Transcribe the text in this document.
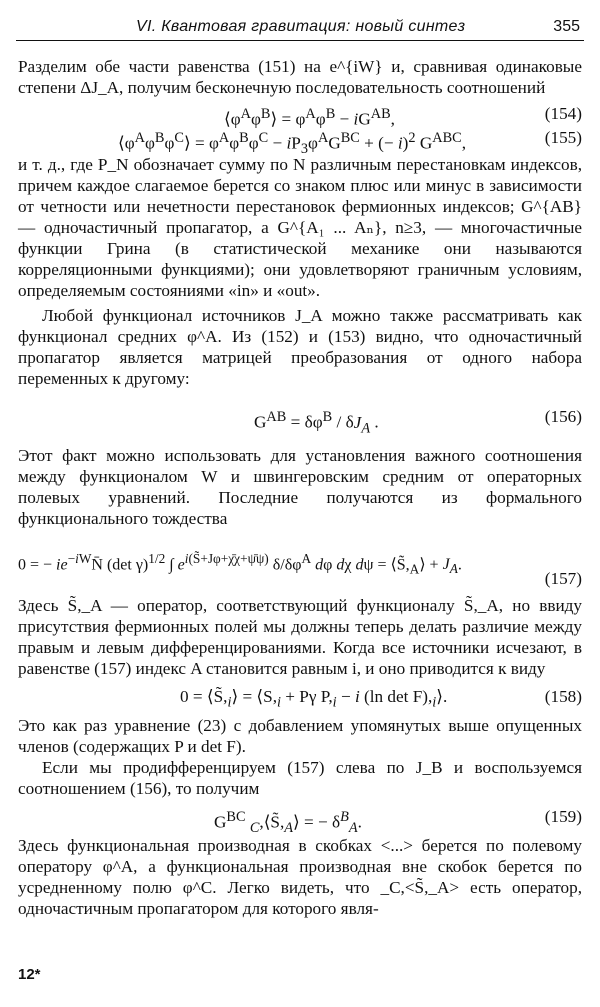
VI. Квантовая гравитация: новый синтез	355

Разделим обе части равенства (151) на e^{iW} и, сравнивая одинаковые степени ΔJ_A, получим бесконечную последовательность соотношений

$⟨\varphi^A\varphi^B⟩ = \varphi^A\varphi^B - iG^{AB}$,	(154)
$⟨\varphi^A\varphi^B\varphi^C⟩ = \varphi^A\varphi^B\varphi^C - iP_3\varphi^AG^{BC}$ + (− i)$^2$ $G^{ABC}$,	(155)

и т. д., где P_N обозначает сумму по N различным перестановкам индексов, причем каждое слагаемое берется со знаком плюс или минус в зависимости от четности или нечетности перестановок фермионных индексов; G^{AB} — одночастичный пропагатор, а G^{A₁ ... Aₙ}, n≥3, — многочастичные функции Грина (в статистической механике они называются корреляционными функциями); они удовлетворяют граничным условиям, определяемым состояниями «in» и «out».

Любой функционал источников J_A можно также рассматривать как функционал средних φ^A. Из (152) и (153) видно, что одночастичный пропагатор является матрицей преобразования от одного набора переменных к другому:

$G^{AB} = \delta\varphi^B / \delta J_A$ .	(156)

Этот факт можно использовать для установления важного соотношения между функционалом W и швингеровским средним от операторных полевых уравнений. Последние получаются из формального функционального тождества

0 = − $ie^{-iW}N̄$ (det γ)$^{1/2}$ ∫ $e^{i(S̃+J\varphi+\chī\chi+\psī\psi)}$ $\delta/\delta\varphi^A$ dφ dχ $d\psi = ⟨S̃,_A⟩ + J_A$.
(157)

Здесь S̃,_A — оператор, соответствующий функционалу S̃,_A, но ввиду присутствия фермионных полей мы должны теперь делать различие между правым и левым дифференцированиями. Когда все источники исчезают, в равенстве (157) индекс A становится равным i, и оно приводится к виду

$0 = ⟨S̃,_i⟩$ = $⟨S,_i + P\gamma$ $P,_i - i$ (ln $\det F),_i⟩$.	(158)

Это как раз уравнение (23) с добавлением упомянутых выше опущенных членов (содержащих P и det F).

Если мы продифференцируем (157) слева по J_B и воспользуемся соотношением (156), то получим

$G^{BC}$ $_C,⟨S̃,_A⟩$ = − $\delta^B_A$.	(159)

Здесь функциональная производная в скобках <...> берется по полевому оператору φ^A, а функциональная производная вне скобок берется по усредненному полю φ^C. Легко видеть, что _C,<S̃,_A> есть оператор, одночастичным пропагатором для которого явля-

12*
